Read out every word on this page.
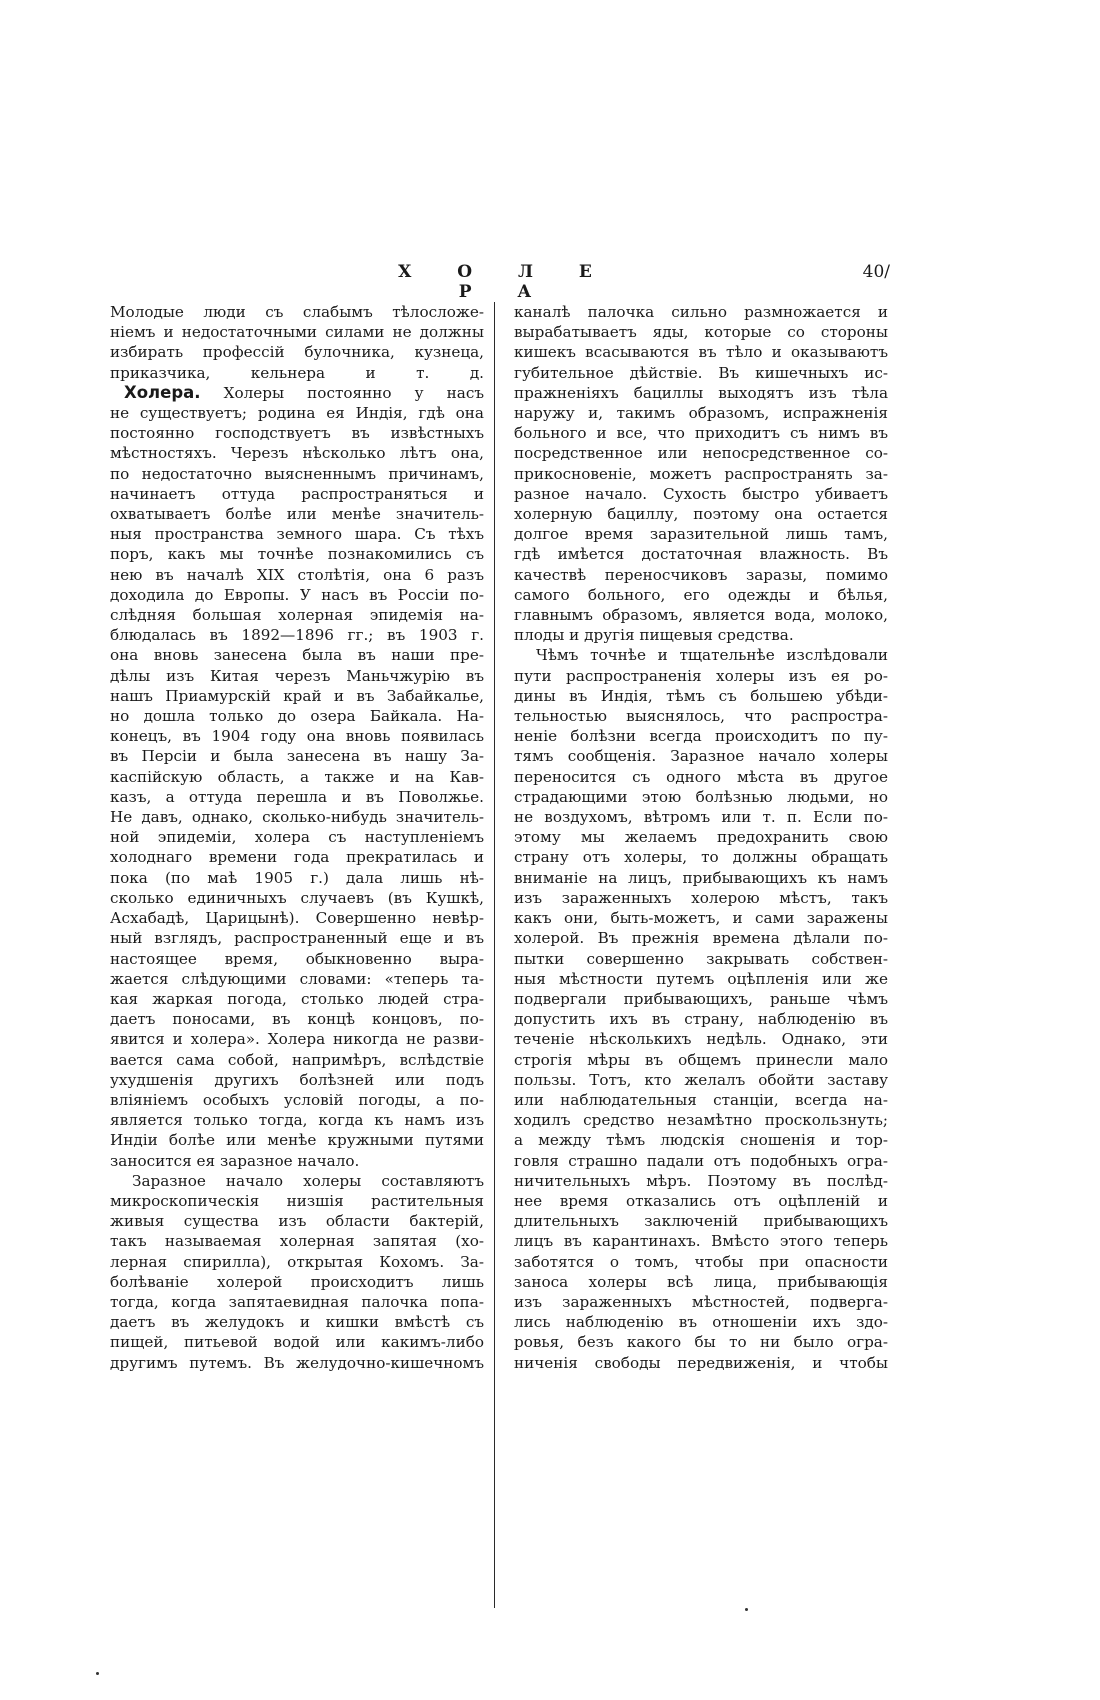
Х О Л Е Р А
40/
Молодые люди съ слабымъ тѣлосложе-
ніемъ и недостаточными силами не должны
избирать профессій булочника, кузнеца,
приказчика, кельнера и т. д.
Холера. Холеры постоянно у насъ
не существуетъ; родина ея Индія, гдѣ она
постоянно господствуетъ въ извѣстныхъ
мѣстностяхъ. Черезъ нѣсколько лѣтъ она,
по недостаточно выясненнымъ причинамъ,
начинаетъ оттуда распространяться и
охватываетъ болѣе или менѣе значитель-
ныя пространства земного шара. Съ тѣхъ
поръ, какъ мы точнѣе познакомились съ
нею въ началѣ XIX столѣтія, она 6 разъ
доходила до Европы. У насъ въ Россіи по-
слѣдняя большая холерная эпидемія на-
блюдалась въ 1892—1896 гг.; въ 1903 г.
она вновь занесена была въ наши пре-
дѣлы изъ Китая черезъ Маньчжурію въ
нашъ Приамурскій край и въ Забайкалье,
но дошла только до озера Байкала. На-
конецъ, въ 1904 году она вновь появилась
въ Персіи и была занесена въ нашу За-
каспійскую область, а также и на Кав-
казъ, а оттуда перешла и въ Поволжье.
Не давъ, однако, сколько-нибудь значитель-
ной эпидеміи, холера съ наступленіемъ
холоднаго времени года прекратилась и
пока (по маѣ 1905 г.) дала лишь нѣ-
сколько единичныхъ случаевъ (въ Кушкѣ,
Асхабадѣ, Царицынѣ). Совершенно невѣр-
ный взглядъ, распространенный еще и въ
настоящее время, обыкновенно выра-
жается слѣдующими словами: «теперь та-
кая жаркая погода, столько людей стра-
даетъ поносами, въ концѣ концовъ, по-
явится и холера». Холера никогда не разви-
вается сама собой, напримѣръ, вслѣдствіе
ухудшенія другихъ болѣзней или подъ
вліяніемъ особыхъ условій погоды, а по-
является только тогда, когда къ намъ изъ
Индіи болѣе или менѣе кружными путями
заносится ея заразное начало.
Заразное начало холеры составляютъ
микроскопическія низшія растительныя
живыя существа изъ области бактерій,
такъ называемая холерная запятая (хо-
лерная спирилла), открытая Кохомъ. За-
болѣваніе холерой происходитъ лишь
тогда, когда запятаевидная палочка попа-
даетъ въ желудокъ и кишки вмѣстѣ съ
пищей, питьевой водой или какимъ-либо
другимъ путемъ. Въ желудочно-кишечномъ
каналѣ палочка сильно размножается и
вырабатываетъ яды, которые со стороны
кишекъ всасываются въ тѣло и оказываютъ
губительное дѣйствіе. Въ кишечныхъ ис-
пражненіяхъ бациллы выходятъ изъ тѣла
наружу и, такимъ образомъ, испражненія
больного и все, что приходитъ съ нимъ въ
посредственное или непосредственное со-
прикосновеніе, можетъ распространять за-
разное начало. Сухость быстро убиваетъ
холерную бациллу, поэтому она остается
долгое время заразительной лишь тамъ,
гдѣ имѣется достаточная влажность. Въ
качествѣ переносчиковъ заразы, помимо
самого больного, его одежды и бѣлья,
главнымъ образомъ, является вода, молоко,
плоды и другія пищевыя средства.
Чѣмъ точнѣе и тщательнѣе изслѣдовали
пути распространенія холеры изъ ея ро-
дины въ Индія, тѣмъ съ большею убѣди-
тельностью выяснялось, что распростра-
неніе болѣзни всегда происходитъ по пу-
тямъ сообщенія. Заразное начало холеры
переносится съ одного мѣста въ другое
страдающими этою болѣзнью людьми, но
не воздухомъ, вѣтромъ или т. п. Если по-
этому мы желаемъ предохранить свою
страну отъ холеры, то должны обращать
вниманіе на лицъ, прибывающихъ къ намъ
изъ зараженныхъ холерою мѣстъ, такъ
какъ они, быть-можетъ, и сами заражены
холерой. Въ прежнія времена дѣлали по-
пытки совершенно закрывать собствен-
ныя мѣстности путемъ оцѣпленія или же
подвергали прибывающихъ, раньше чѣмъ
допустить ихъ въ страну, наблюденію въ
теченіе нѣсколькихъ недѣль. Однако, эти
строгія мѣры въ общемъ принесли мало
пользы. Тотъ, кто желалъ обойти заставу
или наблюдательныя станціи, всегда на-
ходилъ средство незамѣтно проскользнуть;
а между тѣмъ людскія сношенія и тор-
говля страшно падали отъ подобныхъ огра-
ничительныхъ мѣръ. Поэтому въ послѣд-
нее время отказались отъ оцѣпленій и
длительныхъ заключеній прибывающихъ
лицъ въ карантинахъ. Вмѣсто этого теперь
заботятся о томъ, чтобы при опасности
заноса холеры всѣ лица, прибывающія
изъ зараженныхъ мѣстностей, подверга-
лись наблюденію въ отношеніи ихъ здо-
ровья, безъ какого бы то ни было огра-
ниченія свободы передвиженія, и чтобы
